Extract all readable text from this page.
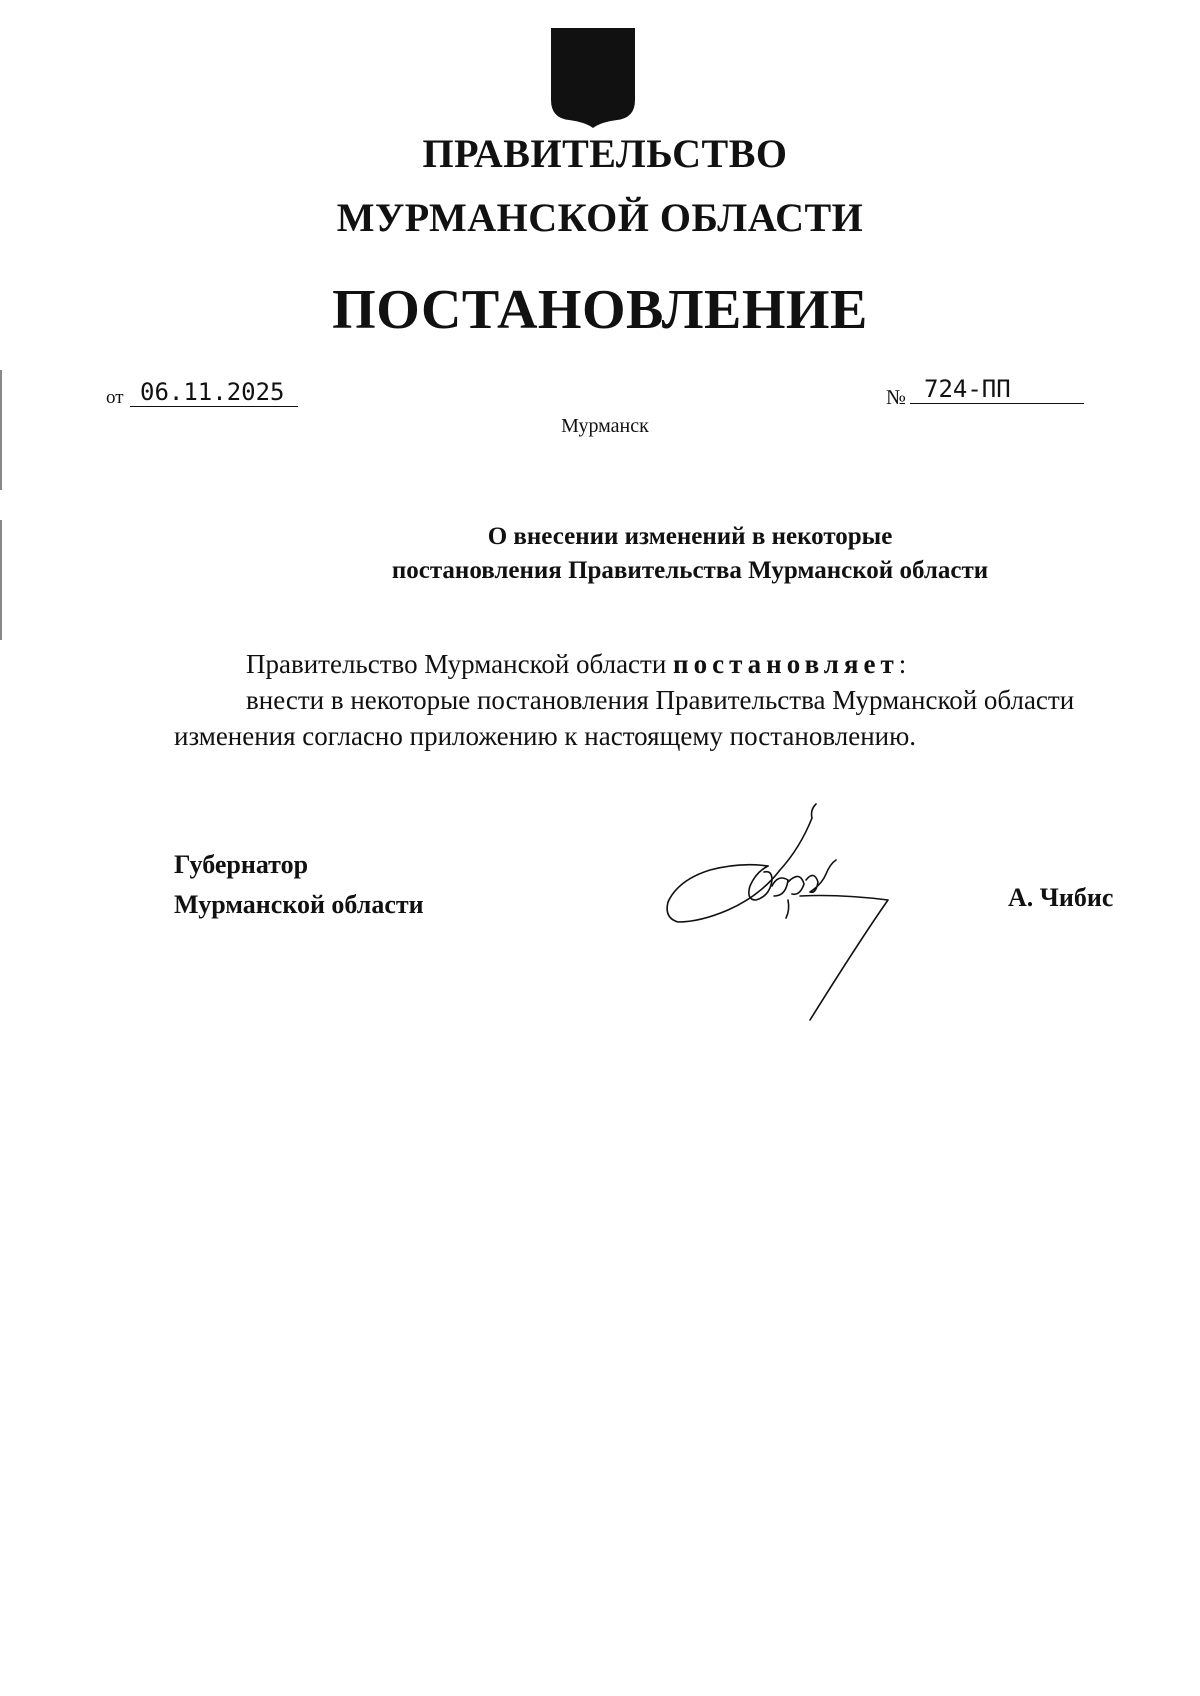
ПРАВИТЕЛЬСТВО
МУРМАНСКОЙ ОБЛАСТИ
ПОСТАНОВЛЕНИЕ
от 06.11.2025	№ 724-ПП
Мурманск
О внесении изменений в некоторые
постановления Правительства Мурманской области
Правительство Мурманской области постановляет:
внести в некоторые постановления Правительства Мурманской области
изменения согласно приложению к настоящему постановлению.
Губернатор
Мурманской области	А. Чибис
